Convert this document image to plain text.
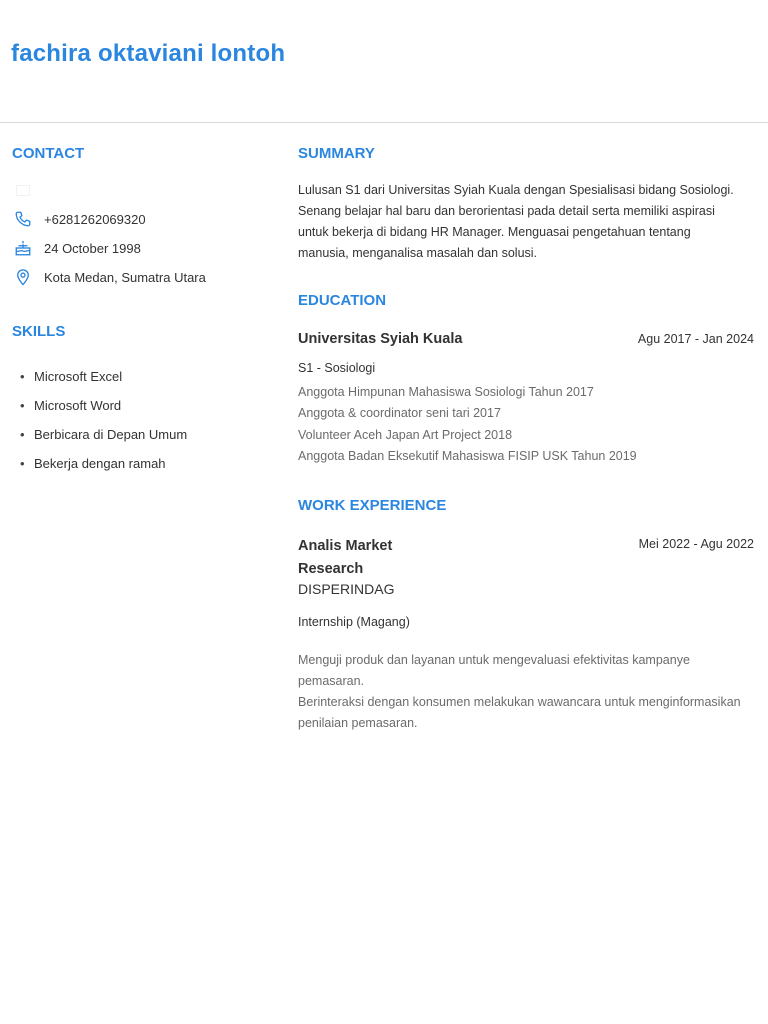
fachira oktaviani lontoh
CONTACT
+6281262069320
24 October 1998
Kota Medan, Sumatra Utara
SKILLS
• Microsoft Excel
• Microsoft Word
• Berbicara di Depan Umum
• Bekerja dengan ramah
SUMMARY
Lulusan S1 dari Universitas Syiah Kuala dengan Spesialisasi bidang Sosiologi. Senang belajar hal baru dan berorientasi pada detail serta memiliki aspirasi untuk bekerja di bidang HR Manager. Menguasai pengetahuan tentang manusia, menganalisa masalah dan solusi.
EDUCATION
Universitas Syiah Kuala	Agu 2017 - Jan 2024
S1 - Sosiologi
Anggota Himpunan Mahasiswa Sosiologi Tahun 2017
Anggota & coordinator seni tari 2017
Volunteer Aceh Japan Art Project 2018
Anggota Badan Eksekutif Mahasiswa FISIP USK Tahun 2019
WORK EXPERIENCE
Analis Market Research
Mei 2022 - Agu 2022
DISPERINDAG
Internship (Magang)

Menguji produk dan layanan untuk mengevaluasi efektivitas kampanye pemasaran.

Berinteraksi dengan konsumen melakukan wawancara untuk menginformasikan penilaian pemasaran.
